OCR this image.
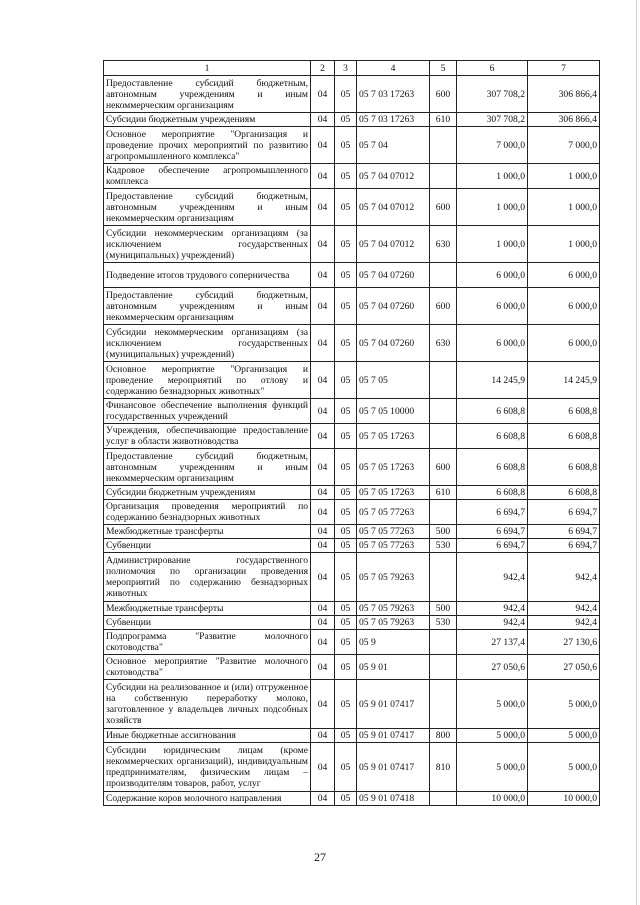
1	2	3	4	5	6	7
Предоставление субсидий бюджетным, автономным учреждениям и иным некоммерческим организациям	04	05	05 7 03 17263	600	307 708,2	306 866,4
Субсидии бюджетным учреждениям	04	05	05 7 03 17263	610	307 708,2	306 866,4
Основное мероприятие "Организация и проведение прочих мероприятий по развитию агропромышленного комплекса"	04	05	05 7 04		7 000,0	7 000,0
Кадровое обеспечение агропромышленного комплекса	04	05	05 7 04 07012		1 000,0	1 000,0
Предоставление субсидий бюджетным, автономным учреждениям и иным некоммерческим организациям	04	05	05 7 04 07012	600	1 000,0	1 000,0
Субсидии некоммерческим организациям (за исключением государственных (муниципальных) учреждений)	04	05	05 7 04 07012	630	1 000,0	1 000,0
Подведение итогов трудового соперничества	04	05	05 7 04 07260		6 000,0	6 000,0
Предоставление субсидий бюджетным, автономным учреждениям и иным некоммерческим организациям	04	05	05 7 04 07260	600	6 000,0	6 000,0
Субсидии некоммерческим организациям (за исключением государственных (муниципальных) учреждений)	04	05	05 7 04 07260	630	6 000,0	6 000,0
Основное мероприятие "Организация и проведение мероприятий по отлову и содержанию безнадзорных животных"	04	05	05 7 05		14 245,9	14 245,9
Финансовое обеспечение выполнения функций государственных учреждений	04	05	05 7 05 10000		6 608,8	6 608,8
Учреждения, обеспечивающие предоставление услуг в области животноводства	04	05	05 7 05 17263		6 608,8	6 608,8
Предоставление субсидий бюджетным, автономным учреждениям и иным некоммерческим организациям	04	05	05 7 05 17263	600	6 608,8	6 608,8
Субсидии бюджетным учреждениям	04	05	05 7 05 17263	610	6 608,8	6 608,8
Организация проведения мероприятий по содержанию безнадзорных животных	04	05	05 7 05 77263		6 694,7	6 694,7
Межбюджетные трансферты	04	05	05 7 05 77263	500	6 694,7	6 694,7
Субвенции	04	05	05 7 05 77263	530	6 694,7	6 694,7
Администрирование государственного полномочия по организации проведения мероприятий по содержанию безнадзорных животных	04	05	05 7 05 79263		942,4	942,4
Межбюджетные трансферты	04	05	05 7 05 79263	500	942,4	942,4
Субвенции	04	05	05 7 05 79263	530	942,4	942,4
Подпрограмма "Развитие молочного скотоводства"	04	05	05 9		27 137,4	27 130,6
Основное мероприятие "Развитие молочного скотоводства"	04	05	05 9 01		27 050,6	27 050,6
Субсидии на реализованное и (или) отгруженное на собственную переработку молоко, заготовленное у владельцев личных подсобных хозяйств	04	05	05 9 01 07417		5 000,0	5 000,0
Иные бюджетные ассигнования	04	05	05 9 01 07417	800	5 000,0	5 000,0
Субсидии юридическим лицам (кроме некоммерческих организаций), индивидуальным предпринимателям, физическим лицам – производителям товаров, работ, услуг	04	05	05 9 01 07417	810	5 000,0	5 000,0
Содержание коров молочного направления	04	05	05 9 01 07418		10 000,0	10 000,0
27
